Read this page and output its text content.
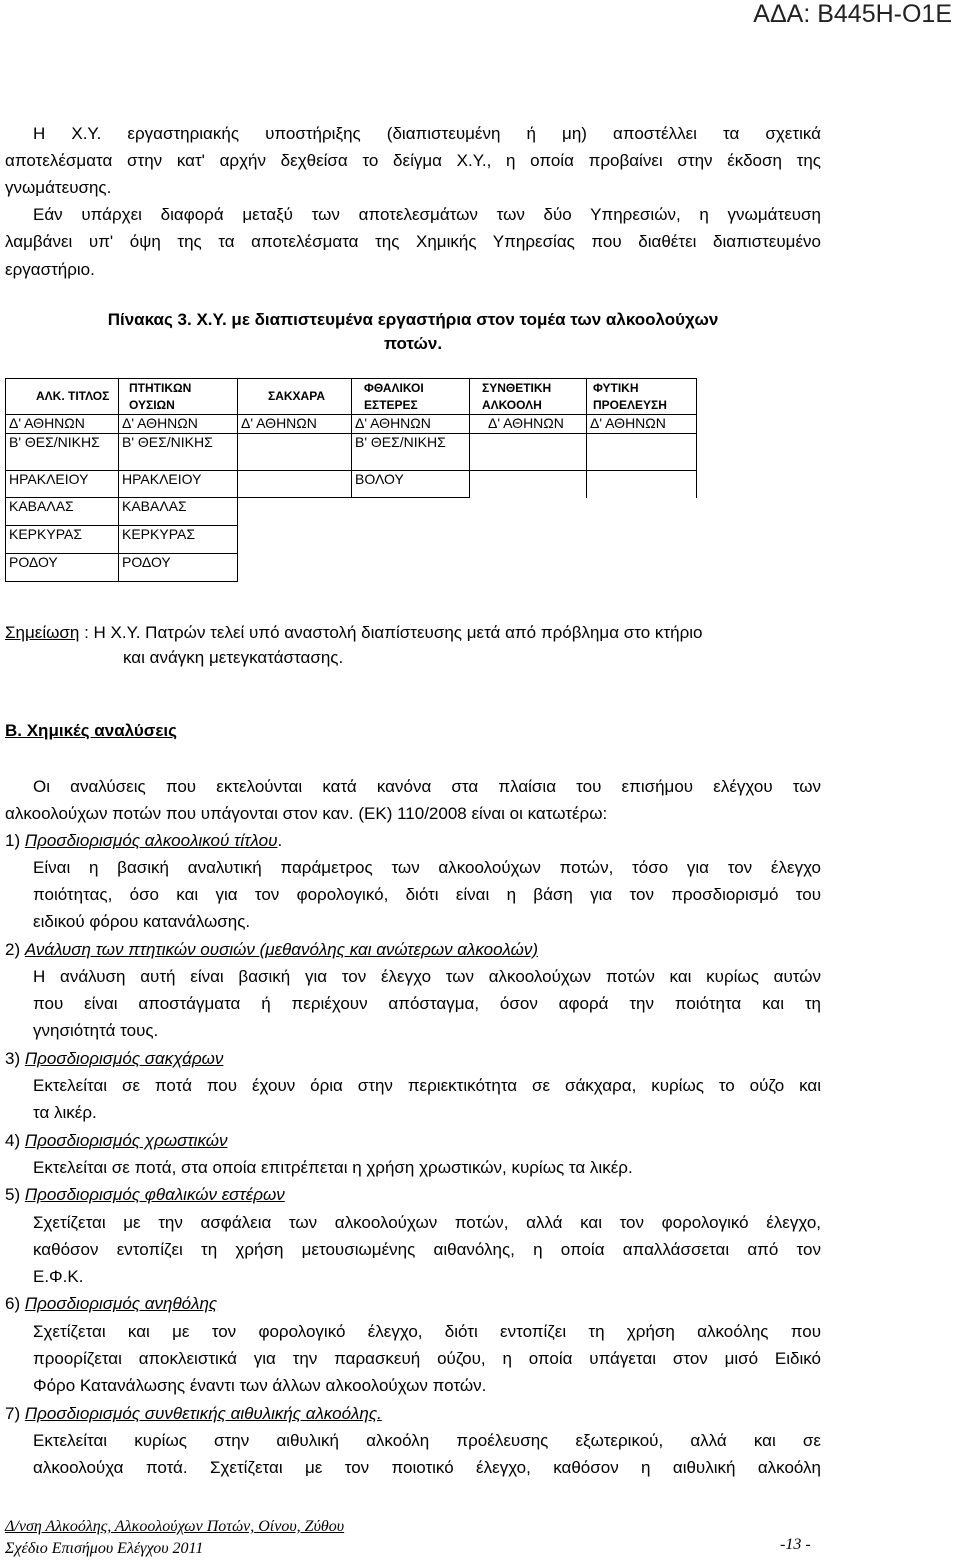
ΑΔΑ: Β445Η-Ο1Ε
Η Χ.Υ. εργαστηριακής υποστήριξης (διαπιστευμένη ή μη) αποστέλλει τα σχετικά
αποτελέσματα στην κατ' αρχήν δεχθείσα το δείγμα Χ.Υ., η οποία προβαίνει στην έκδοση της
γνωμάτευσης.
Εάν υπάρχει διαφορά μεταξύ των αποτελεσμάτων των δύο Υπηρεσιών, η γνωμάτευση
λαμβάνει υπ' όψη της τα αποτελέσματα της Χημικής Υπηρεσίας που διαθέτει διαπιστευμένο
εργαστήριο.
Πίνακας 3. Χ.Υ. με διαπιστευμένα εργαστήρια στον τομέα των αλκοολούχων
ποτών.
ΑΛΚ. ΤΙΤΛΟΣ	ΠΤΗΤΙΚΩΝ ΟΥΣΙΩΝ	ΣΑΚΧΑΡΑ	ΦΘΑΛΙΚΟΙ ΕΣΤΕΡΕΣ	ΣΥΝΘΕΤΙΚΗ ΑΛΚΟΟΛΗ	ΦΥΤΙΚΗ ΠΡΟΕΛΕΥΣΗ
Δ' ΑΘΗΝΩΝ	Δ' ΑΘΗΝΩΝ	Δ' ΑΘΗΝΩΝ	Δ' ΑΘΗΝΩΝ	Δ' ΑΘΗΝΩΝ	Δ' ΑΘΗΝΩΝ
Β' ΘΕΣ/ΝΙΚΗΣ	Β' ΘΕΣ/ΝΙΚΗΣ		Β' ΘΕΣ/ΝΙΚΗΣ		
ΗΡΑΚΛΕΙΟΥ	ΗΡΑΚΛΕΙΟΥ		ΒΟΛΟΥ		
ΚΑΒΑΛΑΣ	ΚΑΒΑΛΑΣ				
ΚΕΡΚΥΡΑΣ	ΚΕΡΚΥΡΑΣ				
ΡΟΔΟΥ	ΡΟΔΟΥ				
Σημείωση : Η Χ.Υ. Πατρών τελεί υπό αναστολή διαπίστευσης μετά από πρόβλημα στο κτήριο
και ανάγκη μετεγκατάστασης.
Β. Χημικές αναλύσεις
Οι αναλύσεις που εκτελούνται κατά κανόνα στα πλαίσια του επισήμου ελέγχου των
αλκοολούχων ποτών που υπάγονται στον καν. (ΕΚ) 110/2008 είναι οι κατωτέρω:
1) Προσδιορισμός αλκοολικού τίτλου.
Είναι η βασική αναλυτική παράμετρος των αλκοολούχων ποτών, τόσο για τον έλεγχο
ποιότητας, όσο και για τον φορολογικό, διότι είναι η βάση για τον προσδιορισμό του
ειδικού φόρου κατανάλωσης.
2) Ανάλυση των πτητικών ουσιών (μεθανόλης και ανώτερων αλκοολών)
Η ανάλυση αυτή είναι βασική για τον έλεγχο των αλκοολούχων ποτών και κυρίως αυτών
που είναι αποστάγματα ή περιέχουν απόσταγμα, όσον αφορά την ποιότητα και τη
γνησιότητά τους.
3) Προσδιορισμός σακχάρων
Εκτελείται σε ποτά που έχουν όρια στην περιεκτικότητα σε σάκχαρα, κυρίως το ούζο και
τα λικέρ.
4) Προσδιορισμός χρωστικών
Εκτελείται σε ποτά, στα οποία επιτρέπεται η χρήση χρωστικών, κυρίως τα λικέρ.
5) Προσδιορισμός φθαλικών εστέρων
Σχετίζεται με την ασφάλεια των αλκοολούχων ποτών, αλλά και τον φορολογικό έλεγχο,
καθόσον εντοπίζει τη χρήση μετουσιωμένης αιθανόλης, η οποία απαλλάσσεται από τον
Ε.Φ.Κ.
6) Προσδιορισμός ανηθόλης
Σχετίζεται και με τον φορολογικό έλεγχο, διότι εντοπίζει τη χρήση αλκοόλης που
προορίζεται αποκλειστικά για την παρασκευή ούζου, η οποία υπάγεται στον μισό Ειδικό
Φόρο Κατανάλωσης έναντι των άλλων αλκοολούχων ποτών.
7) Προσδιορισμός συνθετικής αιθυλικής αλκοόλης.
Εκτελείται κυρίως στην αιθυλική αλκοόλη προέλευσης εξωτερικού, αλλά και σε
αλκοολούχα ποτά. Σχετίζεται με τον ποιοτικό έλεγχο, καθόσον η αιθυλική αλκοόλη
Δ/νση Αλκοόλης, Αλκοολούχων Ποτών, Οίνου, Ζύθου
Σχέδιο Επισήμου Ελέγχου 2011	-13 -
